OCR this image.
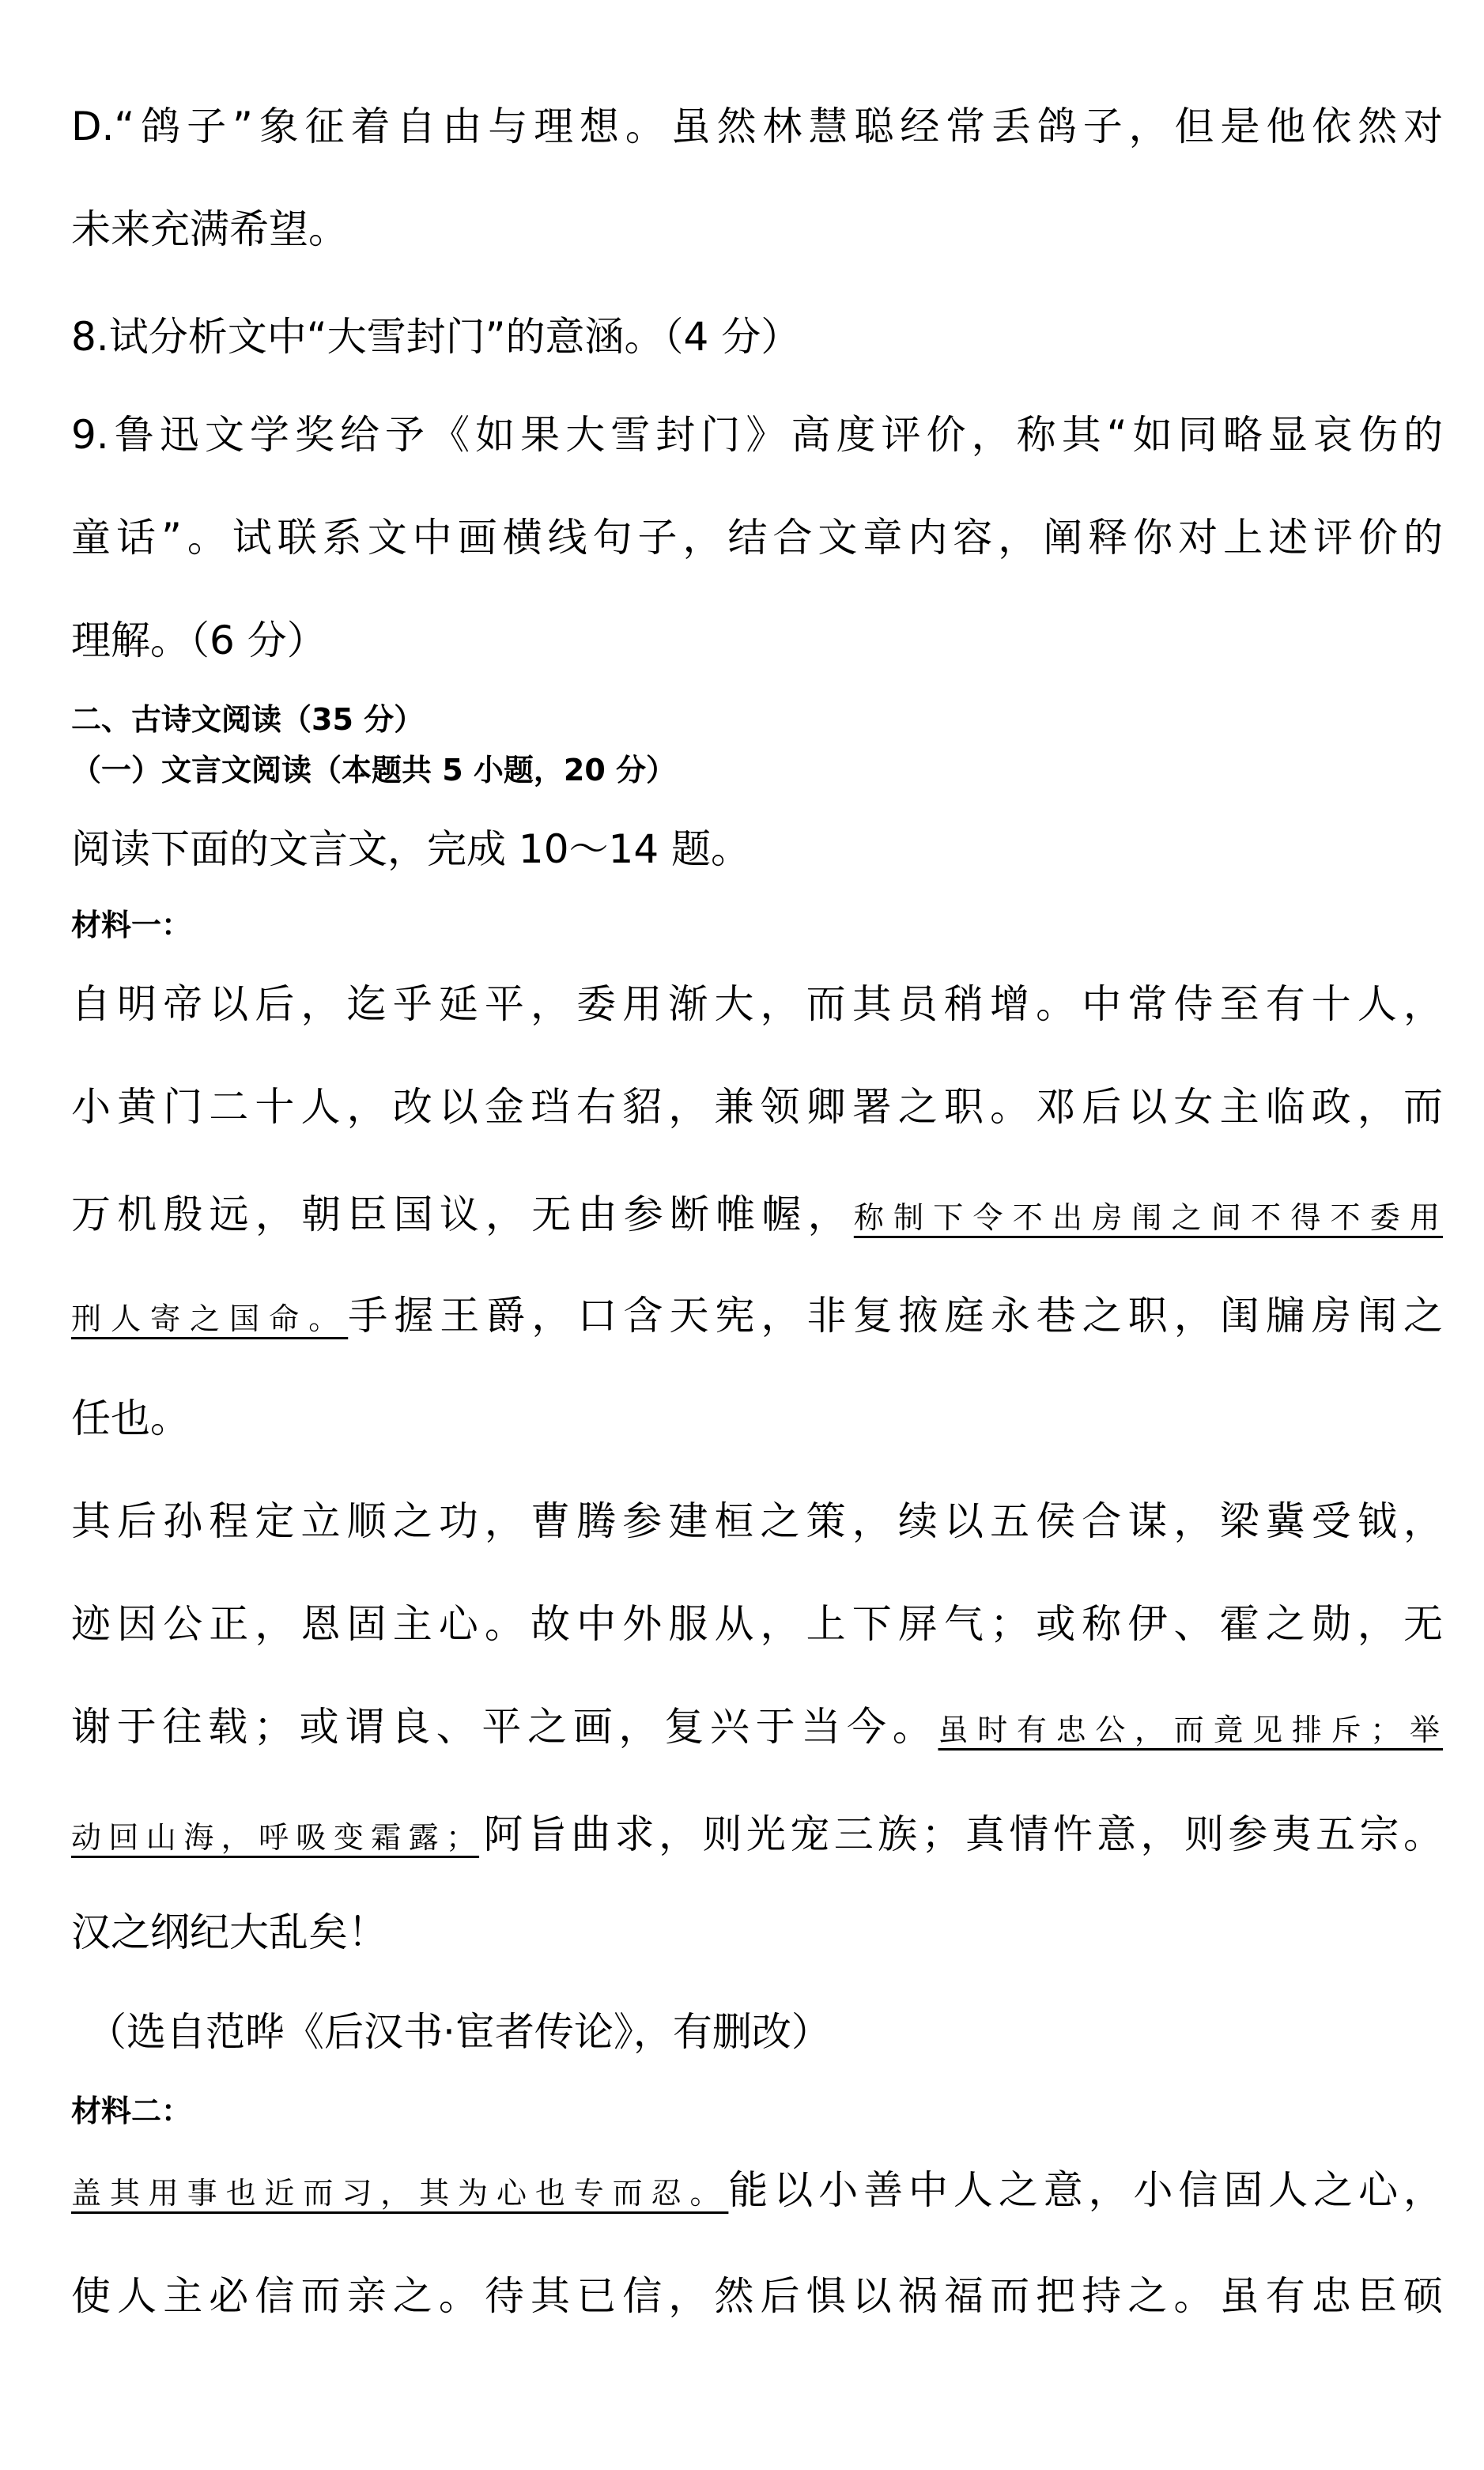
D.“鸽子”象征着自由与理想。虽然林慧聪经常丢鸽子，但是他依然对
未来充满希望。
8.试分析文中“大雪封门”的意涵。（4 分）
9.鲁迅文学奖给予《如果大雪封门》高度评价，称其“如同略显哀伤的
童话”。试联系文中画横线句子，结合文章内容，阐释你对上述评价的
理解。（6 分）
二、古诗文阅读（35 分）
（一）文言文阅读（本题共 5 小题，20 分）
阅读下面的文言文，完成 10～14 题。
材料一：
自明帝以后，迄乎延平，委用渐大，而其员稍增。中常侍至有十人，
小黄门二十人，改以金珰右貂，兼领卿署之职。邓后以女主临政，而
万机殷远，朝臣国议，无由参断帷幄，称制下令不出房闱之间不得不委用
刑人寄之国命。手握王爵，口含天宪，非复掖庭永巷之职，闺牖房闱之
任也。
其后孙程定立顺之功，曹腾参建桓之策，续以五侯合谋，梁冀受钺，
迹因公正，恩固主心。故中外服从，上下屏气；或称伊、霍之勋，无
谢于往载；或谓良、平之画，复兴于当今。虽时有忠公，而竟见排斥；举
动回山海，呼吸变霜露；阿旨曲求，则光宠三族；真情忤意，则参夷五宗。
汉之纲纪大乱矣！
（选自范晔《后汉书·宦者传论》，有删改）
材料二：
盖其用事也近而习，其为心也专而忍。能以小善中人之意，小信固人之心，
使人主必信而亲之。待其已信，然后惧以祸福而把持之。虽有忠臣硕
